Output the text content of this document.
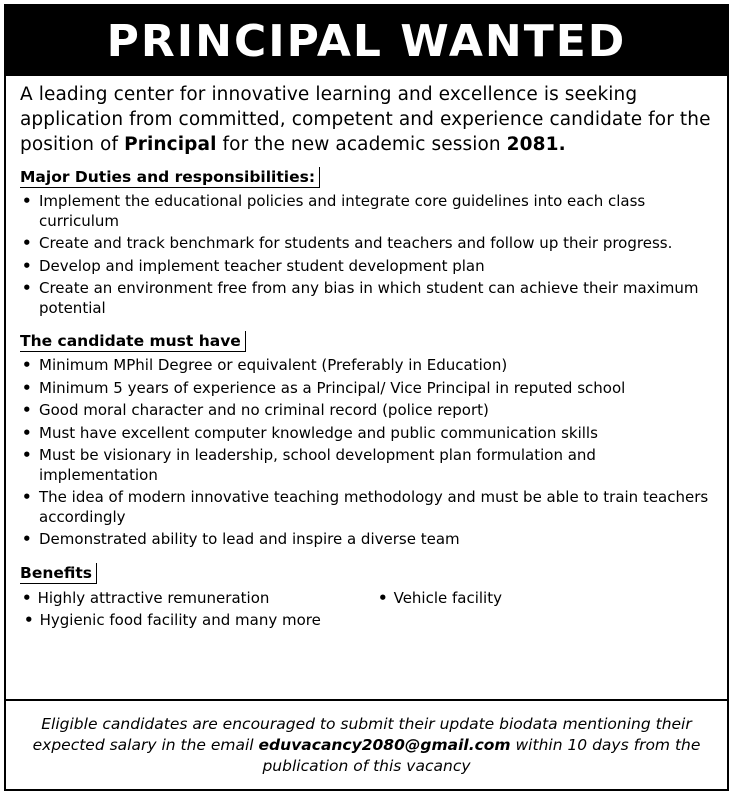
PRINCIPAL WANTED

A leading center for innovative learning and excellence is seeking application from committed, competent and experience candidate for the position of Principal for the new academic session 2081.

Major Duties and responsibilities:
• Implement the educational policies and integrate core guidelines into each class curriculum
• Create and track benchmark for students and teachers and follow up their progress.
• Develop and implement teacher student development plan
• Create an environment free from any bias in which student can achieve their maximum potential
The candidate must have
• Minimum MPhil Degree or equivalent (Preferably in Education)
• Minimum 5 years of experience as a Principal/ Vice Principal in reputed school
• Good moral character and no criminal record (police report)
• Must have excellent computer knowledge and public communication skills
• Must be visionary in leadership, school development plan formulation and implementation
• The idea of modern innovative teaching methodology and must be able to train teachers accordingly
• Demonstrated ability to lead and inspire a diverse team
Benefits
• Highly attractive remuneration
•	Vehicle facility
• Hygienic food facility and many more

Eligible candidates are encouraged to submit their update biodata mentioning their expected salary in the email eduvacancy2080@gmail.com within 10 days from the publication of this vacancy
